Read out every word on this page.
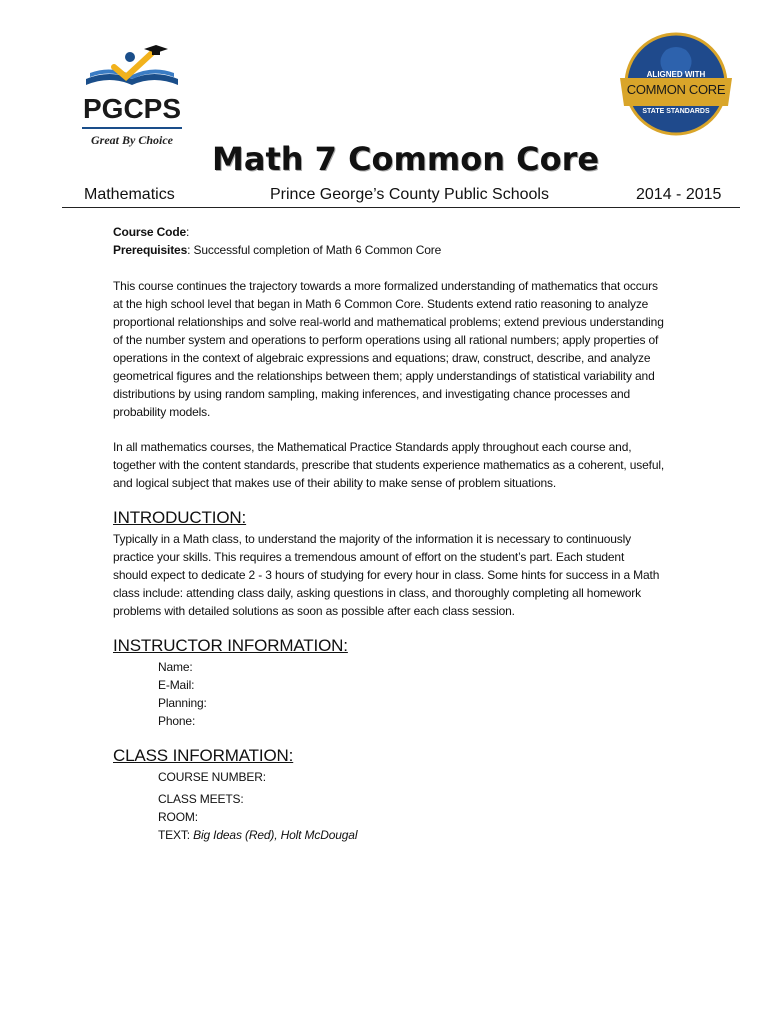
PGCPS
Great By Choice
ALIGNED WITH
COMMON CORE
STATE STANDARDS
Math 7 Common Core
Mathematics	Prince George’s County Public Schools	2014 - 2015
Course Code:
Prerequisites: Successful completion of Math 6 Common Core
This course continues the trajectory towards a more formalized understanding of mathematics that occurs
at the high school level that began in Math 6 Common Core. Students extend ratio reasoning to analyze
proportional relationships and solve real-world and mathematical problems; extend previous understanding
of the number system and operations to perform operations using all rational numbers; apply properties of
operations in the context of algebraic expressions and equations; draw, construct, describe, and analyze
geometrical figures and the relationships between them; apply understandings of statistical variability and
distributions by using random sampling, making inferences, and investigating chance processes and
probability models.
In all mathematics courses, the Mathematical Practice Standards apply throughout each course and,
together with the content standards, prescribe that students experience mathematics as a coherent, useful,
and logical subject that makes use of their ability to make sense of problem situations.
INTRODUCTION:
Typically in a Math class, to understand the majority of the information it is necessary to continuously
practice your skills. This requires a tremendous amount of effort on the student’s part. Each student
should expect to dedicate 2 - 3 hours of studying for every hour in class. Some hints for success in a Math
class include: attending class daily, asking questions in class, and thoroughly completing all homework
problems with detailed solutions as soon as possible after each class session.
INSTRUCTOR INFORMATION:
Name:
E-Mail:
Planning:
Phone:
CLASS INFORMATION:
COURSE NUMBER:
CLASS MEETS:
ROOM:
TEXT: Big Ideas (Red), Holt McDougal
